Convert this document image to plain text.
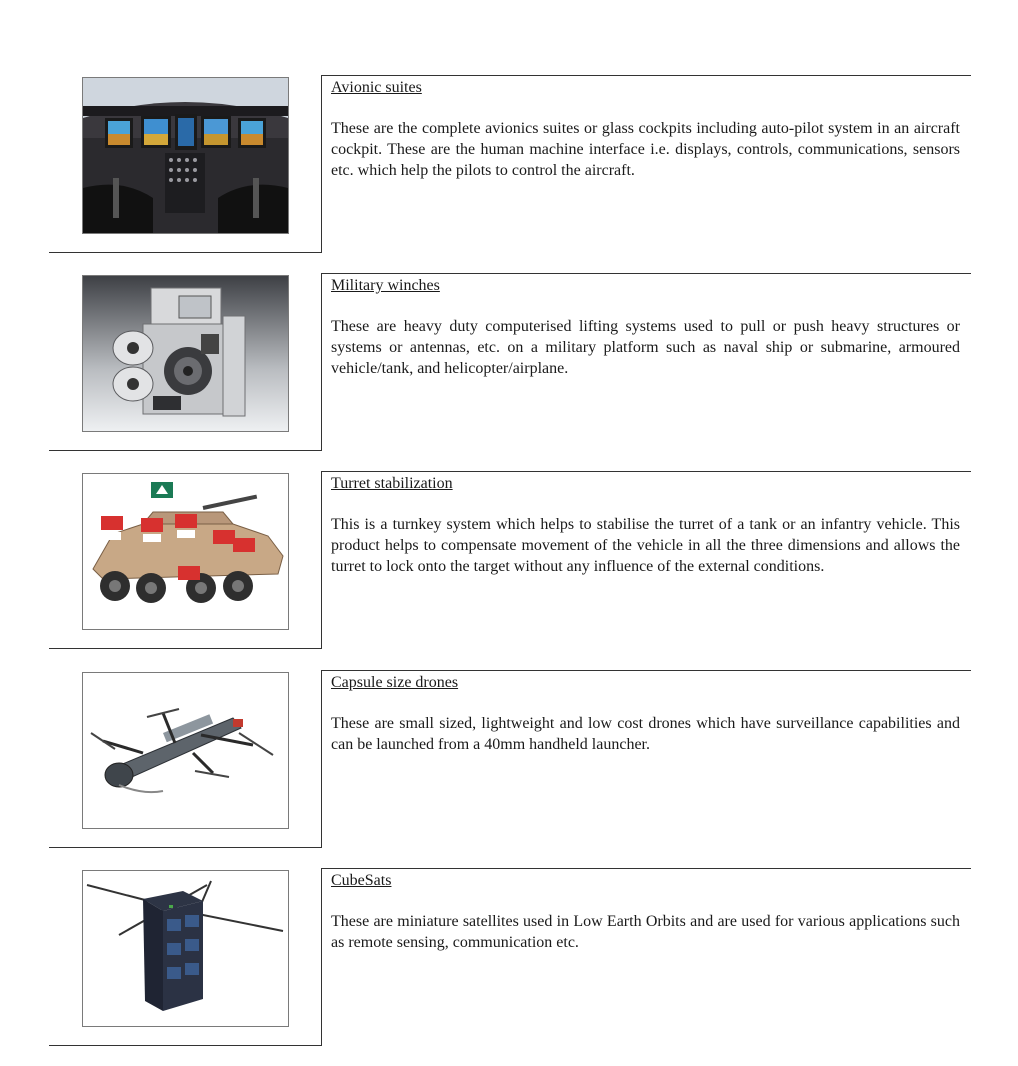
Avionic suites

These are the complete avionics suites or glass cockpits including auto-pilot system in an aircraft cockpit. These are the human machine interface i.e. displays, controls, communications, sensors etc. which help the pilots to control the aircraft.

Military winches

These are heavy duty computerised lifting systems used to pull or push heavy structures or systems or antennas, etc. on a military platform such as naval ship or submarine, armoured vehicle/tank, and helicopter/airplane.

Turret stabilization

This is a turnkey system which helps to stabilise the turret of a tank or an infantry vehicle. This product helps to compensate movement of the vehicle in all the three dimensions and allows the turret to lock onto the target without any influence of the external conditions.

Capsule size drones

These are small sized, lightweight and low cost drones which have surveillance capabilities and can be launched from a 40mm handheld launcher.

CubeSats

These are miniature satellites used in Low Earth Orbits and are used for various applications such as remote sensing, communication etc.
